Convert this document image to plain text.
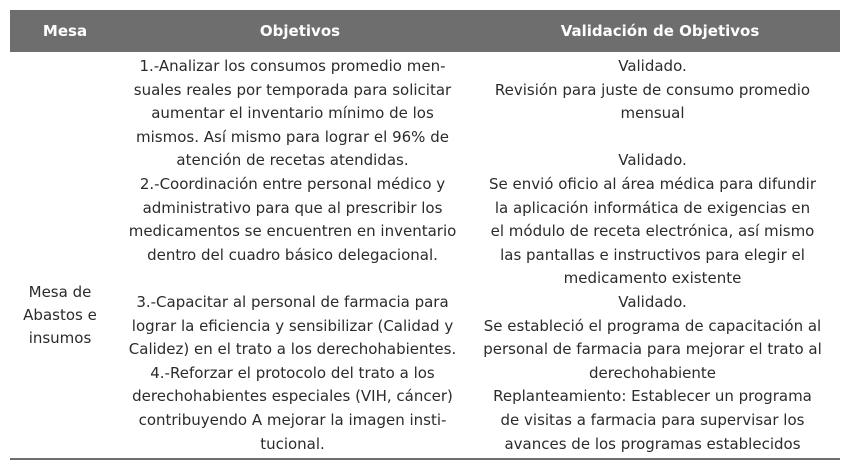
Mesa	Objetivos	Validación de Objetivos
Mesa de
Abastos e
insumos
1.-Analizar los consumos promedio men-
suales reales por temporada para solicitar
aumentar el inventario mínimo de los
mismos. Así mismo para lograr el 96% de
atención de recetas atendidas.
2.-Coordinación entre personal médico y
administrativo para que al prescribir los
medicamentos se encuentren en inventario
dentro del cuadro básico delegacional.
3.-Capacitar al personal de farmacia para
lograr la eficiencia y sensibilizar (Calidad y
Calidez) en el trato a los derechohabientes.
4.-Reforzar el protocolo del trato a los
derechohabientes especiales (VIH, cáncer)
contribuyendo A mejorar la imagen insti-
tucional.
Validado.
Revisión para juste de consumo promedio
mensual
Validado.
Se envió oficio al área médica para difundir
la aplicación informática de exigencias en
el módulo de receta electrónica, así mismo
las pantallas e instructivos para elegir el
medicamento existente
Validado.
Se estableció el programa de capacitación al
personal de farmacia para mejorar el trato al
derechohabiente
Replanteamiento: Establecer un programa
de visitas a farmacia para supervisar los
avances de los programas establecidos
